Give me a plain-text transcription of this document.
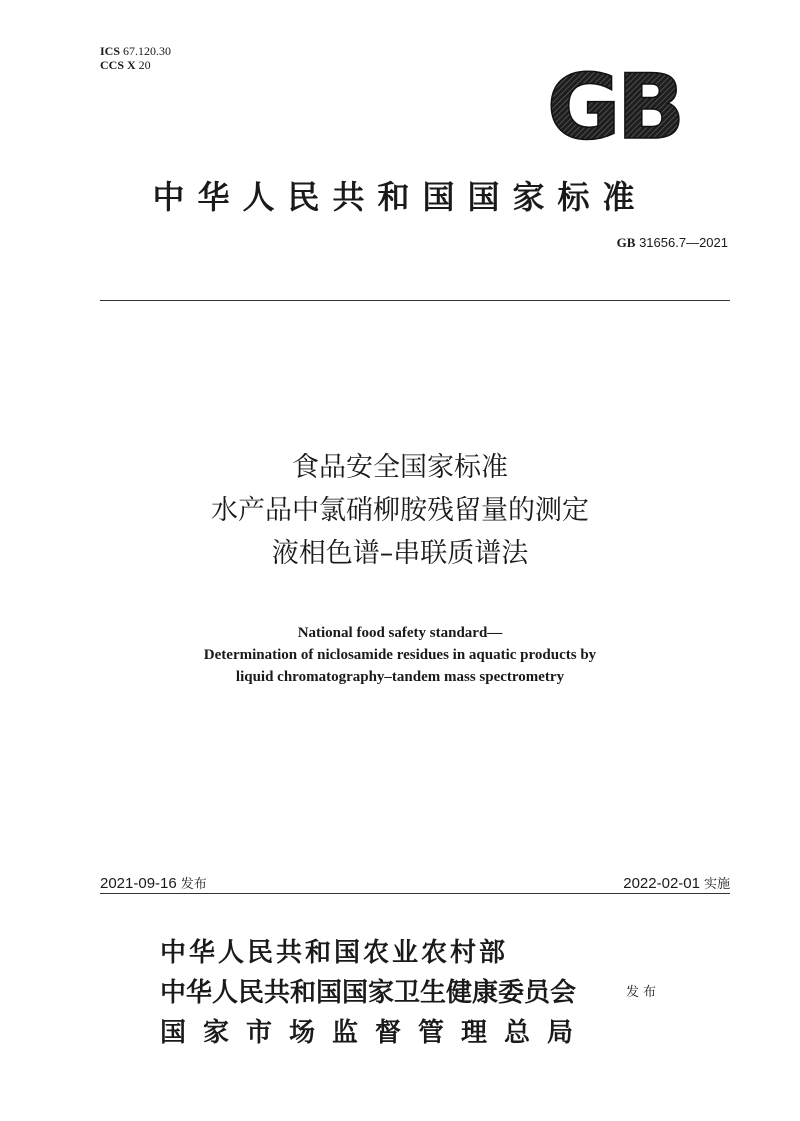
ICS 67.120.30
CCS X 20	GB
中华人民共和国国家标准
GB 31656.7—2021
食品安全国家标准
水产品中氯硝柳胺残留量的测定
液相色谱–串联质谱法
National food safety standard—
Determination of niclosamide residues in aquatic products by
liquid chromatography–tandem mass spectrometry
2021‑09‑16 发布	2022‑02‑01 实施
中华人民共和国农业农村部
中华人民共和国国家卫生健康委员会
国家市场监督管理总局
发布
